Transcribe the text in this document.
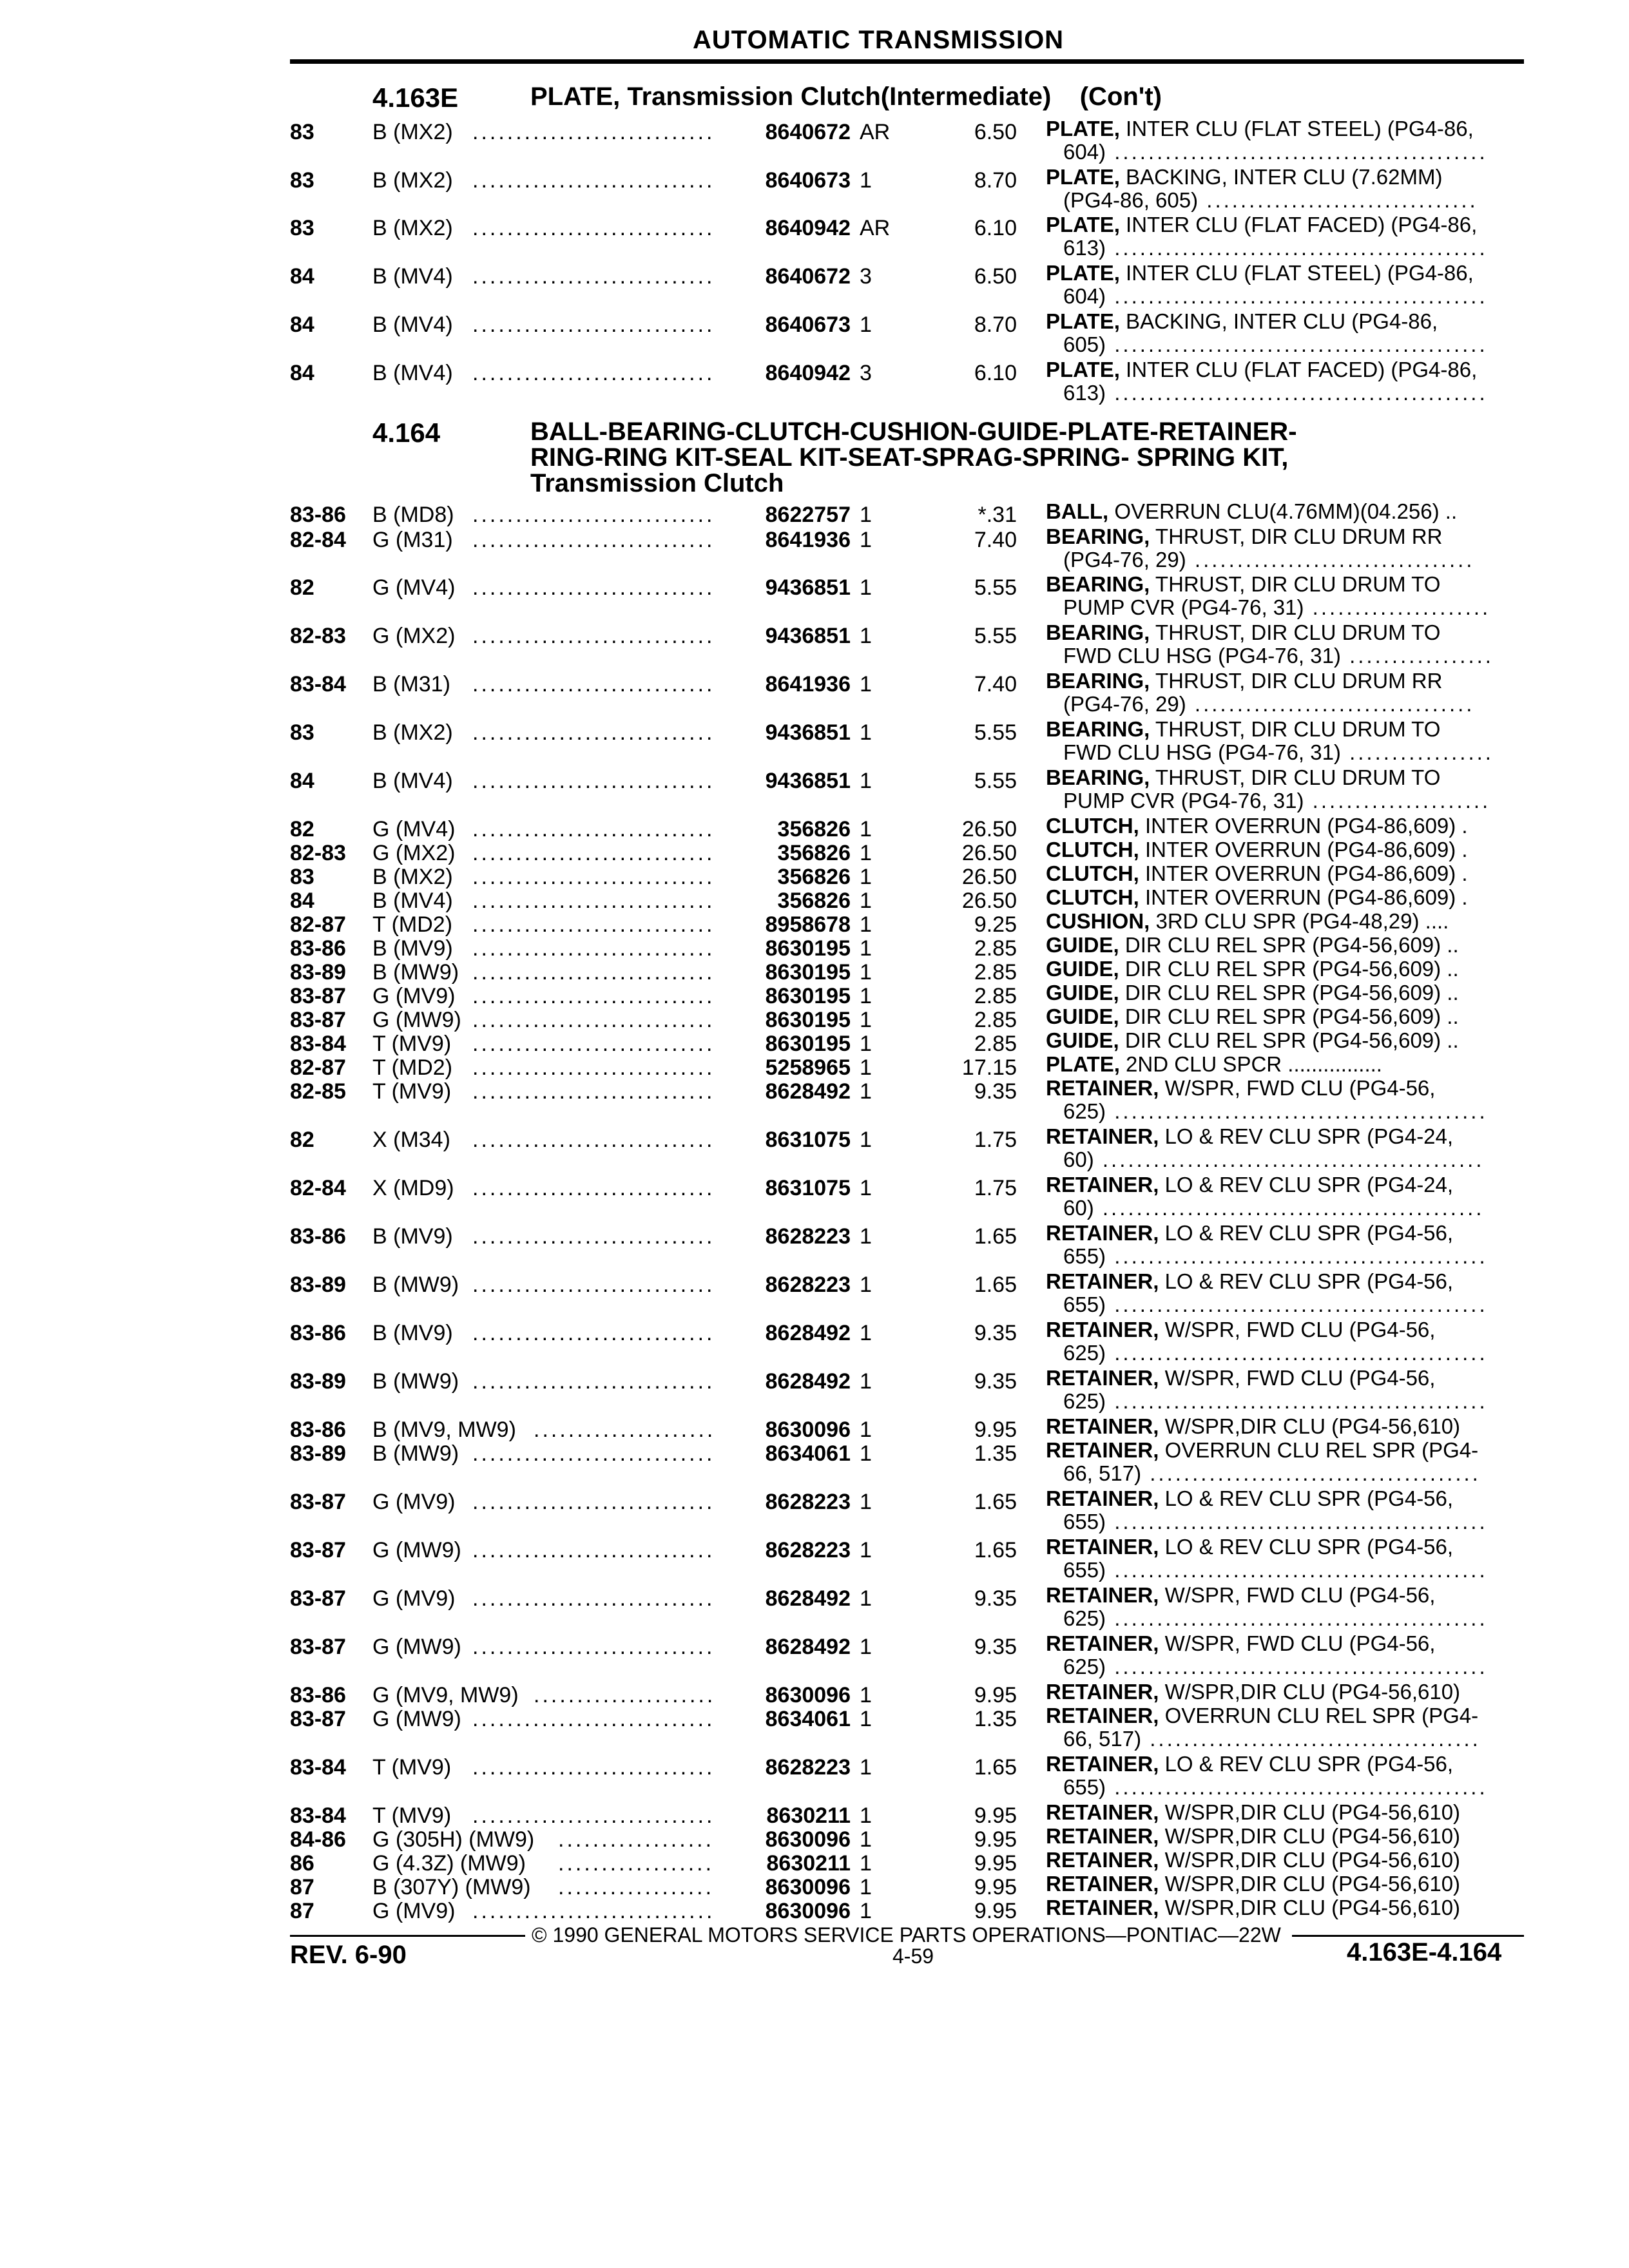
AUTOMATIC TRANSMISSION
4.163E	PLATE, Transmission Clutch(Intermediate)    (Con't)
4.164	BALL-BEARING-CLUTCH-CUSHION-GUIDE-PLATE-RETAINER-
RING-RING KIT-SEAL KIT-SEAT-SPRAG-SPRING- SPRING KIT,
Transmission Clutch
83	B (MX2) ............................	8640672 AR	6.50 PLATE, INTER CLU (FLAT STEEL) (PG4-86,
604) ............................................
83	B (MX2) ............................	8640673 1	8.70 PLATE, BACKING, INTER CLU (7.62MM)
(PG4-86, 605) ................................
83	B (MX2) ............................	8640942 AR	6.10 PLATE, INTER CLU (FLAT FACED) (PG4-86,
613) ............................................
84	B (MV4) ............................	8640672 3	6.50 PLATE, INTER CLU (FLAT STEEL) (PG4-86,
604) ............................................
84	B (MV4) ............................	8640673 1	8.70 PLATE, BACKING, INTER CLU (PG4-86,
605) ............................................
84	B (MV4) ............................	8640942 3	6.10 PLATE, INTER CLU (FLAT FACED) (PG4-86,
613) ............................................
83-86 B (MD8) ............................	8622757 1	*.31 BALL, OVERRUN CLU(4.76MM)(04.256) ..
82-84 G (M31) ............................	8641936 1	7.40 BEARING, THRUST, DIR CLU DRUM RR
(PG4-76, 29) .................................
82	G (MV4) ............................	9436851 1	5.55 BEARING, THRUST, DIR CLU DRUM TO
PUMP CVR (PG4-76, 31) .....................
82-83 G (MX2) ............................	9436851 1	5.55 BEARING, THRUST, DIR CLU DRUM TO
FWD CLU HSG (PG4-76, 31) .................
83-84 B (M31) ............................	8641936 1	7.40 BEARING, THRUST, DIR CLU DRUM RR
(PG4-76, 29) .................................
83	B (MX2) ............................	9436851 1	5.55 BEARING, THRUST, DIR CLU DRUM TO
FWD CLU HSG (PG4-76, 31) .................
84	B (MV4) ............................	9436851 1	5.55 BEARING, THRUST, DIR CLU DRUM TO
PUMP CVR (PG4-76, 31) .....................
82	G (MV4) ............................	356826 1	26.50 CLUTCH, INTER OVERRUN (PG4-86,609) .
82-83 G (MX2) ............................	356826 1	26.50 CLUTCH, INTER OVERRUN (PG4-86,609) .
83	B (MX2) ............................	356826 1	26.50 CLUTCH, INTER OVERRUN (PG4-86,609) .
84	B (MV4) ............................	356826 1	26.50 CLUTCH, INTER OVERRUN (PG4-86,609) .
82-87 T (MD2) ............................	8958678 1	9.25 CUSHION, 3RD CLU SPR (PG4-48,29) ....
83-86 B (MV9) ............................	8630195 1	2.85 GUIDE, DIR CLU REL SPR (PG4-56,609) ..
83-89 B (MW9) ............................	8630195 1	2.85 GUIDE, DIR CLU REL SPR (PG4-56,609) ..
83-87 G (MV9) ............................	8630195 1	2.85 GUIDE, DIR CLU REL SPR (PG4-56,609) ..
83-87 G (MW9) ............................	8630195 1	2.85 GUIDE, DIR CLU REL SPR (PG4-56,609) ..
83-84 T (MV9) ............................	8630195 1	2.85 GUIDE, DIR CLU REL SPR (PG4-56,609) ..
82-87 T (MD2) ............................	5258965 1	17.15 PLATE, 2ND CLU SPCR ................
82-85 T (MV9) ............................	8628492 1	9.35 RETAINER, W/SPR, FWD CLU (PG4-56,
625) ............................................
82	X (M34) ............................	8631075 1	1.75 RETAINER, LO & REV CLU SPR (PG4-24,
60) .............................................
82-84 X (MD9) ............................	8631075 1	1.75 RETAINER, LO & REV CLU SPR (PG4-24,
60) .............................................
83-86 B (MV9) ............................	8628223 1	1.65 RETAINER, LO & REV CLU SPR (PG4-56,
655) ............................................
83-89 B (MW9) ............................	8628223 1	1.65 RETAINER, LO & REV CLU SPR (PG4-56,
655) ............................................
83-86 B (MV9) ............................	8628492 1	9.35 RETAINER, W/SPR, FWD CLU (PG4-56,
625) ............................................
83-89 B (MW9) ............................	8628492 1	9.35 RETAINER, W/SPR, FWD CLU (PG4-56,
625) ............................................
83-86 B (MV9, MW9) .....................	8630096 1	9.95 RETAINER, W/SPR,DIR CLU (PG4-56,610)
83-89 B (MW9) ............................	8634061 1	1.35 RETAINER, OVERRUN CLU REL SPR (PG4-
66, 517) .......................................
83-87 G (MV9) ............................	8628223 1	1.65 RETAINER, LO & REV CLU SPR (PG4-56,
655) ............................................
83-87 G (MW9) ............................	8628223 1	1.65 RETAINER, LO & REV CLU SPR (PG4-56,
655) ............................................
83-87 G (MV9) ............................	8628492 1	9.35 RETAINER, W/SPR, FWD CLU (PG4-56,
625) ............................................
83-87 G (MW9) ............................	8628492 1	9.35 RETAINER, W/SPR, FWD CLU (PG4-56,
625) ............................................
83-86 G (MV9, MW9) .....................	8630096 1	9.95 RETAINER, W/SPR,DIR CLU (PG4-56,610)
83-87 G (MW9) ............................	8634061 1	1.35 RETAINER, OVERRUN CLU REL SPR (PG4-
66, 517) .......................................
83-84 T (MV9) ............................	8628223 1	1.65 RETAINER, LO & REV CLU SPR (PG4-56,
655) ............................................
83-84 T (MV9) ............................	8630211 1	9.95 RETAINER, W/SPR,DIR CLU (PG4-56,610)
84-86 G (305H) (MW9) ..................	8630096 1	9.95 RETAINER, W/SPR,DIR CLU (PG4-56,610)
86	G (4.3Z) (MW9) ..................	8630211 1	9.95 RETAINER, W/SPR,DIR CLU (PG4-56,610)
87	B (307Y) (MW9) ..................	8630096 1	9.95 RETAINER, W/SPR,DIR CLU (PG4-56,610)
87	G (MV9) ............................	8630096 1	9.95 RETAINER, W/SPR,DIR CLU (PG4-56,610)
© 1990 GENERAL MOTORS SERVICE PARTS OPERATIONS—PONTIAC—22W
REV. 6-90	4-59	4.163E-4.164
